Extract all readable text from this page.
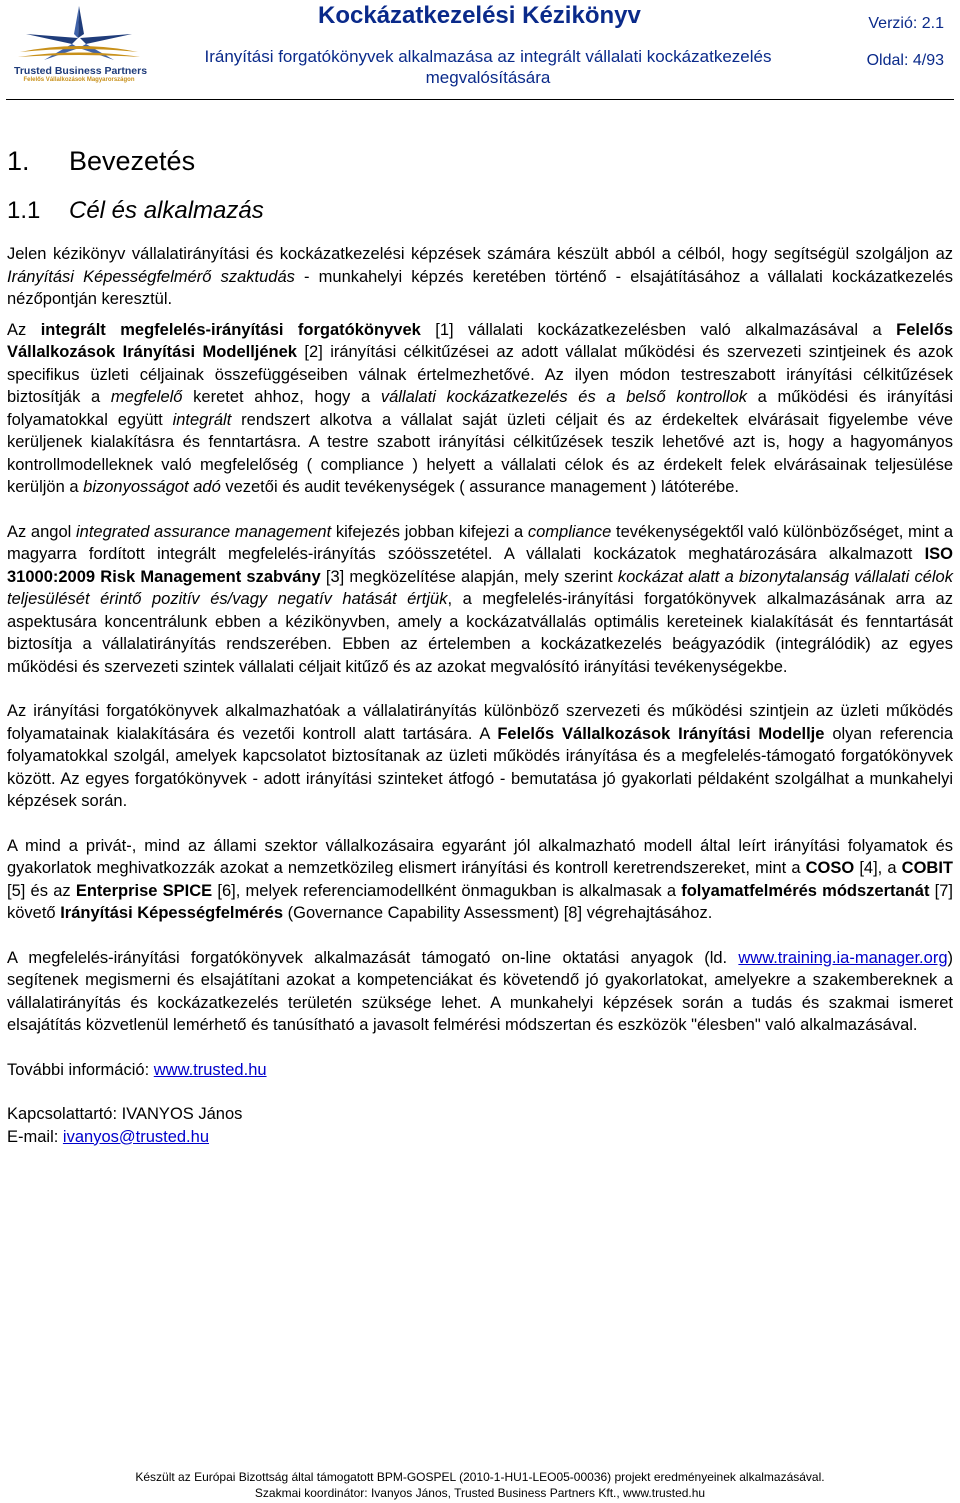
Trusted Business Partners
Felelős Vállalkozások Magyarországon
Kockázatkezelési Kézikönyv
Irányítási forgatókönyvek alkalmazása az integrált vállalati kockázatkezelés megvalósítására
Verzió: 2.1
Oldal: 4/93
1. Bevezetés
1.1 Cél és alkalmazás

Jelen kézikönyv vállalatirányítási és kockázatkezelési képzések számára készült abból a célból, hogy segítségül szolgáljon az Irányítási Képességfelmérő szaktudás - munkahelyi képzés keretében történő - elsajátításához a vállalati kockázatkezelés nézőpontján keresztül.

Az integrált megfelelés-irányítási forgatókönyvek [1] vállalati kockázatkezelésben való alkalmazásával a Felelős Vállalkozások Irányítási Modelljének [2] irányítási célkitűzései az adott vállalat működési és szervezeti szintjeinek és azok specifikus üzleti céljainak összefüggéseiben válnak értelmezhetővé. Az ilyen módon testreszabott irányítási célkitűzések biztosítják a megfelelő keretet ahhoz, hogy a vállalati kockázatkezelés és a belső kontrollok a működési és irányítási folyamatokkal együtt integrált rendszert alkotva a vállalat saját üzleti céljait és az érdekeltek elvárásait figyelembe véve kerüljenek kialakításra és fenntartásra. A testre szabott irányítási célkitűzések teszik lehetővé azt is, hogy a hagyományos kontrollmodelleknek való megfelelőség ( compliance ) helyett a vállalati célok és az érdekelt felek elvárásainak teljesülése kerüljön a bizonyosságot adó vezetői és audit tevékenységek ( assurance management ) látóterébe.

Az angol integrated assurance management kifejezés jobban kifejezi a compliance tevékenységektől való különbözőséget, mint a magyarra fordított integrált megfelelés-irányítás szóösszetétel. A vállalati kockázatok meghatározására alkalmazott ISO 31000:2009 Risk Management szabvány [3] megközelítése alapján, mely szerint kockázat alatt a bizonytalanság vállalati célok teljesülését érintő pozitív és/vagy negatív hatását értjük, a megfelelés-irányítási forgatókönyvek alkalmazásának arra az aspektusára koncentrálunk ebben a kézikönyvben, amely a kockázatvállalás optimális kereteinek kialakítását és fenntartását biztosítja a vállalatirányítás rendszerében. Ebben az értelemben a kockázatkezelés beágyazódik (integrálódik) az egyes működési és szervezeti szintek vállalati céljait kitűző és az azokat megvalósító irányítási tevékenységekbe.

Az irányítási forgatókönyvek alkalmazhatóak a vállalatirányítás különböző szervezeti és működési szintjein az üzleti működés folyamatainak kialakítására és vezetői kontroll alatt tartására. A Felelős Vállalkozások Irányítási Modellje olyan referencia folyamatokkal szolgál, amelyek kapcsolatot biztosítanak az üzleti működés irányítása és a megfelelés-támogató forgatókönyvek között. Az egyes forgatókönyvek - adott irányítási szinteket átfogó - bemutatása jó gyakorlati példaként szolgálhat a munkahelyi képzések során.

A mind a privát-, mind az állami szektor vállalkozásaira egyaránt jól alkalmazható modell által leírt irányítási folyamatok és gyakorlatok meghivatkozzák azokat a nemzetközileg elismert irányítási és kontroll keretrendszereket, mint a COSO [4], a COBIT [5] és az Enterprise SPICE [6], melyek referenciamodellként önmagukban is alkalmasak a folyamatfelmérés módszertanát [7] követő Irányítási Képességfelmérés (Governance Capability Assessment) [8] végrehajtásához.

A megfelelés-irányítási forgatókönyvek alkalmazását támogató on-line oktatási anyagok (ld. www.training.ia-manager.org) segítenek megismerni és elsajátítani azokat a kompetenciákat és követendő jó gyakorlatokat, amelyekre a szakembereknek a vállalatirányítás és kockázatkezelés területén szüksége lehet. A munkahelyi képzések során a tudás és szakmai ismeret elsajátítás közvetlenül lemérhető és tanúsítható a javasolt felmérési módszertan és eszközök "élesben" való alkalmazásával.

További információ: www.trusted.hu

Kapcsolattartó: IVANYOS János
E-mail: ivanyos@trusted.hu
Készült az Európai Bizottság által támogatott BPM-GOSPEL (2010-1-HU1-LEO05-00036) projekt eredményeinek alkalmazásával.
Szakmai koordinátor: Ivanyos János, Trusted Business Partners Kft., www.trusted.hu
